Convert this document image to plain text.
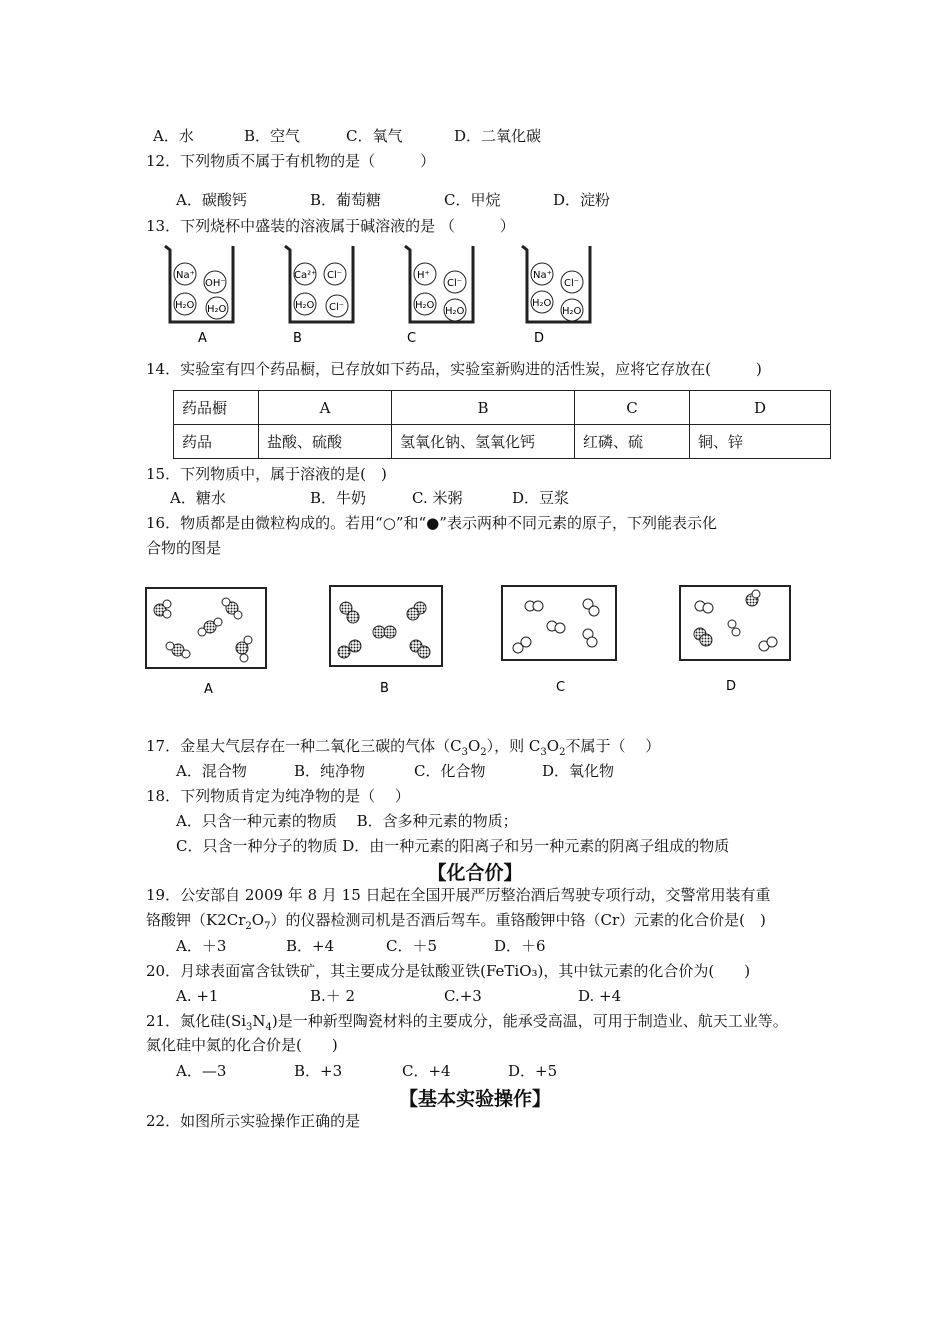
A．水	B．空气	C．氧气	D．二氧化碳
12．下列物质不属于有机物的是（　　　）
A．碳酸钙	B．葡萄糖	C．甲烷	D．淀粉
13．下列烧杯中盛装的溶液属于碱溶液的是 （　　　）
Na⁺
OH⁻
H₂O H₂O
A
Ca²⁺ Cl⁻
H₂O Cl⁻
B
H⁺
Cl⁻
H₂O
H₂O
C
Na⁺
Cl⁻
H₂O
H₂O
D
14．实验室有四个药品橱，已存放如下药品，实验室新购进的活性炭，应将它存放在(　　　)
药品橱	A	B	C	D
药品	盐酸、硫酸	氢氧化钠、氢氧化钙	红磷、硫	铜、锌
15．下列物质中，属于溶液的是(　)
A．糖水	B．牛奶	C. 米粥	D．豆浆
16．物质都是由微粒构成的。若用“○”和“●”表示两种不同元素的原子，下列能表示化
合物的图是
A	B	C	D
17．金星大气层存在一种二氧化三碳的气体$(C_3O_2)$，则 $C_3O_2$不属于（　 ）
A．混合物	B．纯净物	C．化合物	D．氧化物
18．下列物质肯定为纯净物的是（　 ）
A．只含一种元素的物质　 B．含多种元素的物质；
C．只含一种分子的物质 D．由一种元素的阳离子和另一种元素的阴离子组成的物质
【化合价】
19．公安部自 2009 年 8 月 15 日起在全国开展严厉整治酒后驾驶专项行动，交警常用装有重
铬酸钾$(K2Cr_2O_7)$的仪器检测司机是否酒后驾车。重铬酸钾中铬（Cr）元素的化合价是(　)
A．＋3	B．+4	C．＋5	D．＋6
20．月球表面富含钛铁矿，其主要成分是钛酸亚铁(FeTiO₃)，其中钛元素的化合价为(　　)
A. +1	B.＋ 2	C.+3	D. +4
21．氮化硅$(Si_3N_4)$是一种新型陶瓷材料的主要成分，能承受高温，可用于制造业、航天工业等。
氮化硅中氮的化合价是(　　)
A．—3	B．+3	C．+4	D．+5
【基本实验操作】
22．如图所示实验操作正确的是
